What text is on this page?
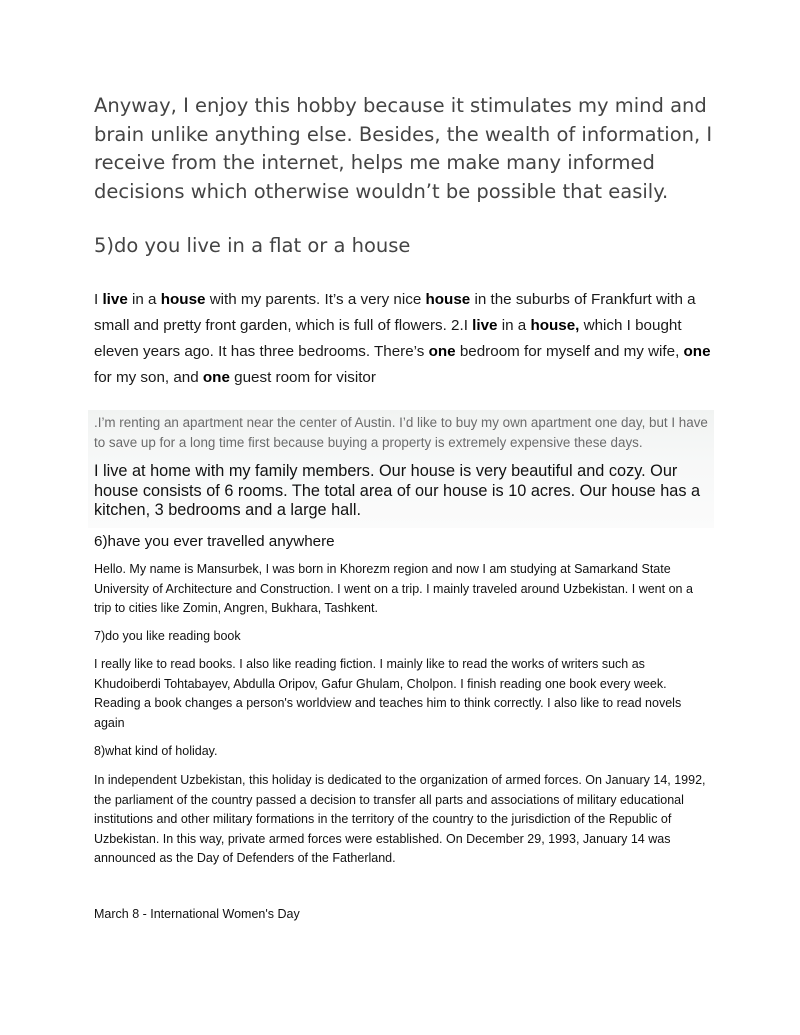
Anyway, I enjoy this hobby because it stimulates my mind and brain unlike anything else. Besides, the wealth of information, I receive from the internet, helps me make many informed decisions which otherwise wouldn’t be possible that easily.

5)do you live in a flat or a house

I live in a house with my parents. It’s a very nice house in the suburbs of Frankfurt with a small and pretty front garden, which is full of flowers. 2.I live in a house, which I bought eleven years ago. It has three bedrooms. There’s one bedroom for myself and my wife, one for my son, and one guest room for visitor

.I’m renting an apartment near the center of Austin. I’d like to buy my own apartment one day, but I have to save up for a long time first because buying a property is extremely expensive these days.

I live at home with my family members. Our house is very beautiful and cozy. Our house consists of 6 rooms. The total area of our house is 10 acres. Our house has a kitchen, 3 bedrooms and a large hall.

6)have you ever travelled anywhere

Hello. My name is Mansurbek, I was born in Khorezm region and now I am studying at Samarkand State University of Architecture and Construction. I went on a trip. I mainly traveled around Uzbekistan. I went on a trip to cities like Zomin, Angren, Bukhara, Tashkent.

7)do you like reading book

I really like to read books. I also like reading fiction. I mainly like to read the works of writers such as Khudoiberdi Tohtabayev, Abdulla Oripov, Gafur Ghulam, Cholpon. I finish reading one book every week. Reading a book changes a person's worldview and teaches him to think correctly. I also like to read novels again

8)what kind of holiday.

In independent Uzbekistan, this holiday is dedicated to the organization of armed forces. On January 14, 1992, the parliament of the country passed a decision to transfer all parts and associations of military educational institutions and other military formations in the territory of the country to the jurisdiction of the Republic of Uzbekistan. In this way, private armed forces were established. On December 29, 1993, January 14 was announced as the Day of Defenders of the Fatherland.

March 8 - International Women's Day
